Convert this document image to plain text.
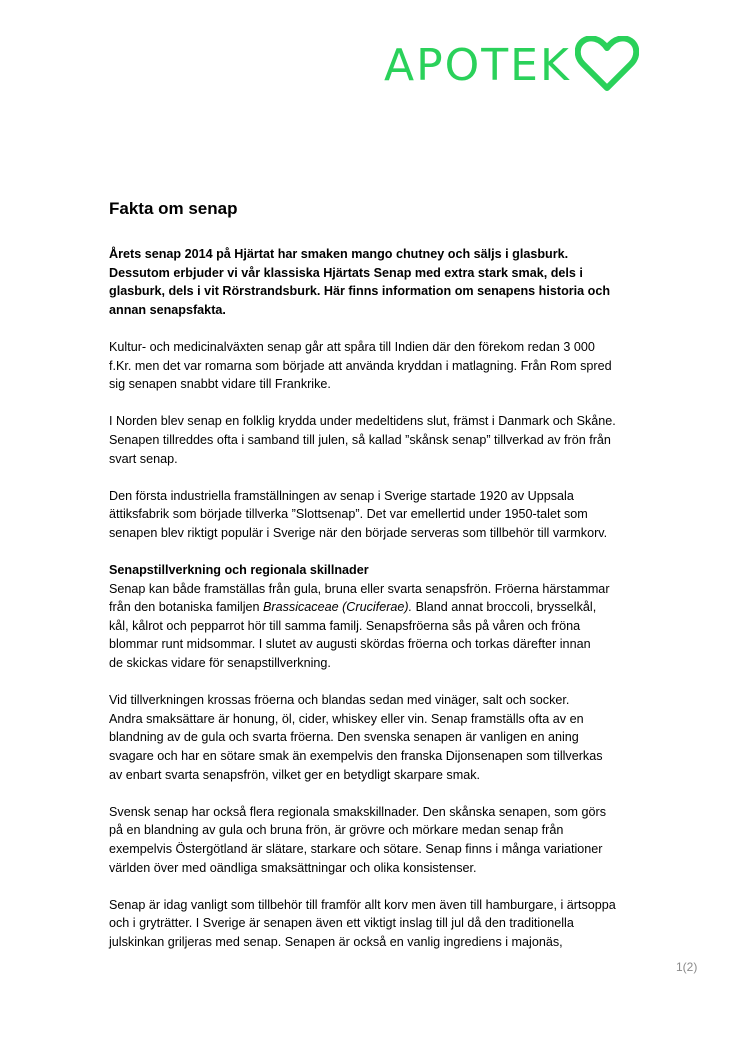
APOTEK
Fakta om senap
Årets senap 2014 på Hjärtat har smaken mango chutney och säljs i glasburk.
Dessutom erbjuder vi vår klassiska Hjärtats Senap med extra stark smak, dels i
glasburk, dels i vit Rörstrandsburk. Här finns information om senapens historia och
annan senapsfakta.
Kultur- och medicinalväxten senap går att spåra till Indien där den förekom redan 3 000
f.Kr. men det var romarna som började att använda kryddan i matlagning. Från Rom spred
sig senapen snabbt vidare till Frankrike.
I Norden blev senap en folklig krydda under medeltidens slut, främst i Danmark och Skåne.
Senapen tillreddes ofta i samband till julen, så kallad ”skånsk senap” tillverkad av frön från
svart senap.
Den första industriella framställningen av senap i Sverige startade 1920 av Uppsala
ättiksfabrik som började tillverka ”Slottsenap”. Det var emellertid under 1950-talet som
senapen blev riktigt populär i Sverige när den började serveras som tillbehör till varmkorv.
Senapstillverkning och regionala skillnader
Senap kan både framställas från gula, bruna eller svarta senapsfrön. Fröerna härstammar
från den botaniska familjen Brassicaceae (Cruciferae). Bland annat broccoli, brysselkål,
kål, kålrot och pepparrot hör till samma familj. Senapsfröerna sås på våren och fröna
blommar runt midsommar. I slutet av augusti skördas fröerna och torkas därefter innan
de skickas vidare för senapstillverkning.
Vid tillverkningen krossas fröerna och blandas sedan med vinäger, salt och socker.
Andra smaksättare är honung, öl, cider, whiskey eller vin. Senap framställs ofta av en
blandning av de gula och svarta fröerna. Den svenska senapen är vanligen en aning
svagare och har en sötare smak än exempelvis den franska Dijonsenapen som tillverkas
av enbart svarta senapsfrön, vilket ger en betydligt skarpare smak.
Svensk senap har också flera regionala smakskillnader. Den skånska senapen, som görs
på en blandning av gula och bruna frön, är grövre och mörkare medan senap från
exempelvis Östergötland är slätare, starkare och sötare. Senap finns i många variationer
världen över med oändliga smaksättningar och olika konsistenser.
Senap är idag vanligt som tillbehör till framför allt korv men även till hamburgare, i ärtsoppa
och i gryträtter. I Sverige är senapen även ett viktigt inslag till jul då den traditionella
julskinkan griljeras med senap. Senapen är också en vanlig ingrediens i majonäs,
1(2)
